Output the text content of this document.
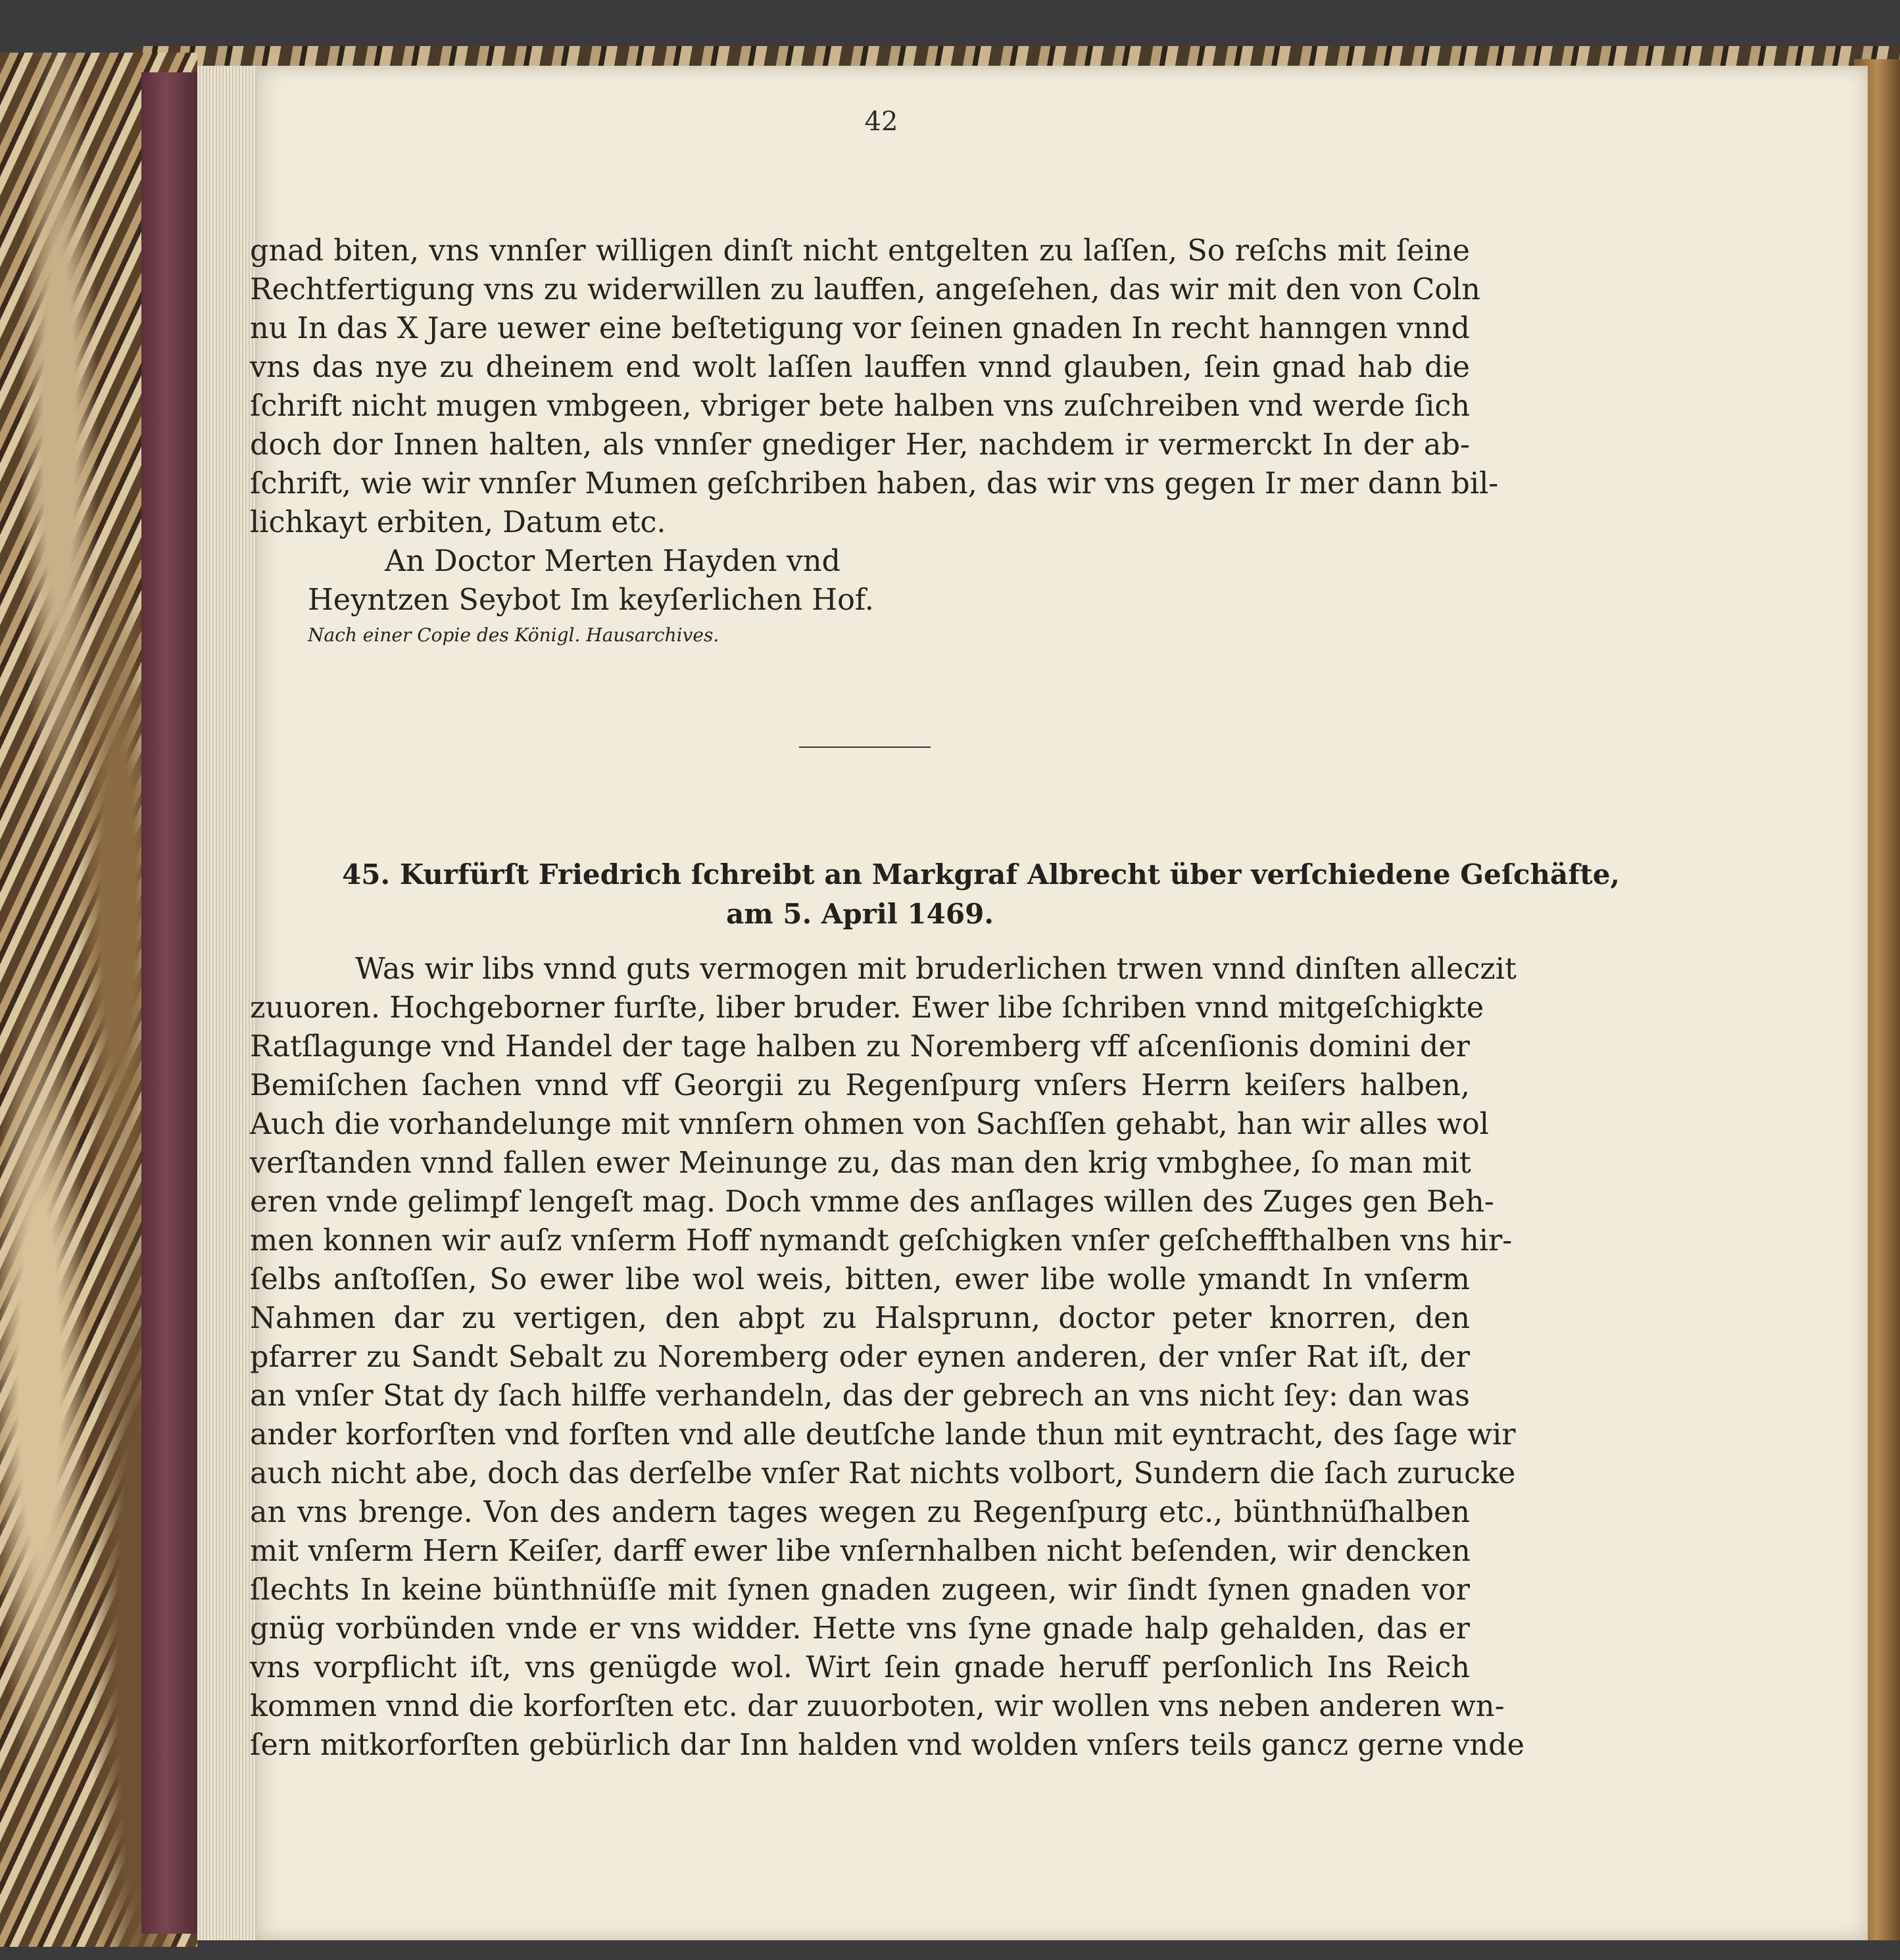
42
gnad biten, vns vnnſer willigen dinſt nicht entgelten zu laſſen, So reſchs mit ſeine
Rechtfertigung vns zu widerwillen zu lauffen, angeſehen, das wir mit den von Coln
nu In das X Jare uewer eine beſtetigung vor ſeinen gnaden In recht hanngen vnnd
vns das nye zu dheinem end wolt laſſen lauffen vnnd glauben, ſein gnad hab die
ſchrift nicht mugen vmbgeen, vbriger bete halben vns zuſchreiben vnd werde ſich
doch dor Innen halten, als vnnſer gnediger Her, nachdem ir vermerckt In der ab-
ſchrift, wie wir vnnſer Mumen geſchriben haben, das wir vns gegen Ir mer dann bil-
lichkayt erbiten, Datum etc.
An Doctor Merten Hayden vnd
Heyntzen Seybot Im keyſerlichen Hof.
Nach einer Copie des Königl. Hausarchives.
45. Kurfürſt Friedrich ſchreibt an Markgraf Albrecht über verſchiedene Geſchäfte,
am 5. April 1469.
Was wir libs vnnd guts vermogen mit bruderlichen trwen vnnd dinſten alleczit
zuuoren. Hochgeborner furſte, liber bruder. Ewer libe ſchriben vnnd mitgeſchigkte
Ratſlagunge vnd Handel der tage halben zu Noremberg vff aſcenſionis domini der
Bemiſchen ſachen vnnd vff Georgii zu Regenſpurg vnſers Herrn keiſers halben,
Auch die vorhandelunge mit vnnſern ohmen von Sachſſen gehabt, han wir alles wol
verſtanden vnnd fallen ewer Meinunge zu, das man den krig vmbghee, ſo man mit
eren vnde gelimpf lengeſt mag. Doch vmme des anſlages willen des Zuges gen Beh-
men konnen wir auſz vnſerm Hoff nymandt geſchigken vnſer geſcheffthalben vns hir-
ſelbs anſtoſſen, So ewer libe wol weis, bitten, ewer libe wolle ymandt In vnſerm
Nahmen dar zu vertigen, den abpt zu Halsprunn, doctor peter knorren, den
pfarrer zu Sandt Sebalt zu Noremberg oder eynen anderen, der vnſer Rat iſt, der
an vnſer Stat dy ſach hilffe verhandeln, das der gebrech an vns nicht ſey: dan was
ander korforſten vnd forſten vnd alle deutſche lande thun mit eyntracht, des ſage wir
auch nicht abe, doch das derſelbe vnſer Rat nichts volbort, Sundern die ſach zurucke
an vns brenge. Von des andern tages wegen zu Regenſpurg etc., bünthnüſhalben
mit vnſerm Hern Keiſer, darff ewer libe vnſernhalben nicht beſenden, wir dencken
ſlechts In keine bünthnüſſe mit ſynen gnaden zugeen, wir ſindt ſynen gnaden vor
gnüg vorbünden vnde er vns widder. Hette vns ſyne gnade halp gehalden, das er
vns vorpflicht iſt, vns genügde wol. Wirt ſein gnade heruff perſonlich Ins Reich
kommen vnnd die korforſten etc. dar zuuorboten, wir wollen vns neben anderen wn-
ſern mitkorforſten gebürlich dar Inn halden vnd wolden vnſers teils gancz gerne vnde
